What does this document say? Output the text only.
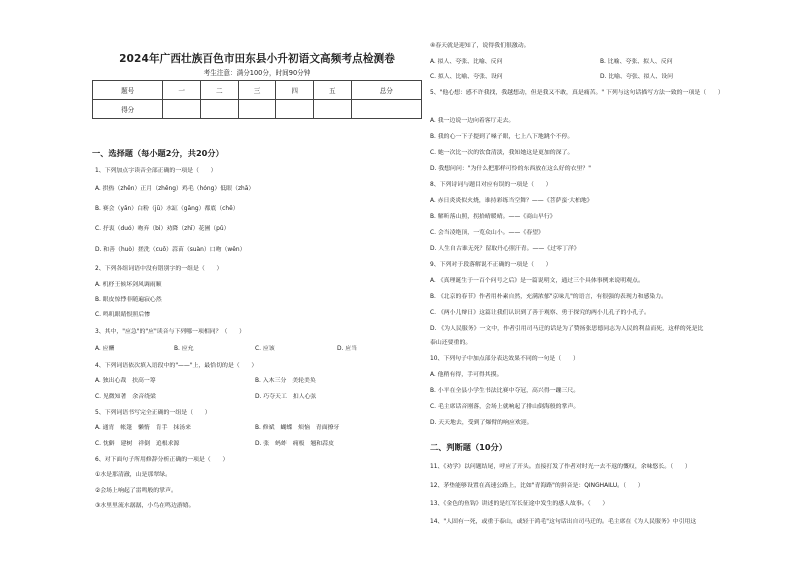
2024年广西壮族百色市田东县小升初语文高频考点检测卷
考生注意：满分100分，时间90分钟
题号	一	二	三	四	五	总分
得分						
一、选择题（每小题2分，共20分）
1、下列加点字读音全部正确的一项是（　　）
A. 拱热（zhēn）正月（zhēng）鸡毛（hóng）低眼（zhā）
B. 赛会（yān）白粉（jū）水缸（gāng）都底（chē）
C. 抒衷（duó）吻弃（bì）劝降（zhī）花圃（pǔ）
D. 和善（huò）搓洗（cuō）蒜苗（suàn）口吻（wěn）
2、下列各组词语中没有错别字的一组是（　　）
A. 机杼王候坏剑风调雨顺
B. 眼皮惊悸非随遍寂心然
C. 鸣叽眼睛恨照后惨
3、其中，"应急"的"应"读音与下列哪一项相同？（　　）
A. 应酬	B. 应允	C. 应该	D. 应当
4、下列词语依次填入语段中的"——"上，最恰切的是（　　）
A. 独出心裁　扶高一筹	B. 入木三分　美轮美奂
C. 见微知著　余音绕梁	D. 巧夺天工　扣人心弦
5、下列词语书写完全正确的一组是（　　）
A. 通宵　帐篷　懒惰　肯手　抹汤来	B. 修斌　蝴蝶　烦恼　青面撩牙
C. 忱僻　建树　祥倒　追根求源	D. 张　蚂蚱　痈板　翘和蒜皮
6、对下面句子所用修辞分析正确的一项是（　　）
①水是那清澈，山是那翠绿。
②会场上响起了雷鸣般的掌声。
③水里里流水潺潺，小鸟在鸣边游嬉。
④春天就是迎知了，说得我们很激动。
A. 拟人、夸张、比喻、反问	B. 比喻、夸张、拟人、反问
C. 拟人、比喻、夸张、设问	D. 比喻、夸张、拟人、设问
5、"他心想：感不许我找，我越想动，但是我又不敢，真是痛苦。" 下列与这句话描写方法一致的一项是（　　）
A. 我一边说一边向着客厅走去。
B. 我的心一下子提到了嗓子眼，七上八下地跳个不停。
C. 她一次比一次的饮食清淡，我知她这是更加的深了。
D. 我想问问："为什么把那样可怜的东西放在这么好的衣里？"
8、下列诗词与题目对应有误的一项是（　　）
A. 赤日炎炎似火烧，谁持彩练当空舞？——《菩萨蛮·大柏地》
B. 解昕落山照，拐拾晴暖晴。——《商山早行》
C. 会当凌绝顶，一览众山小。——《春望》
D. 人生自古谁无死？留取丹心照汗青。——《过零丁洋》
9、下列对于段落解说不正确的一项是（　　）
A. 《真理诞生于一百个问号之后》是一篇说明文，通过三个具体事例来说明观点。
B. 《北京的春节》作者用朴素自然，充满浓郁"京味儿"的语言，有很强的表现力和感染力。
C. 《两小儿辩日》这篇让我们认识到了善于观察、勇于探究的两小儿孔子的小孔子。
D. 《为人民服务》一文中，作者引用司马迁的话是为了赞扬张思德同志为人民的利益而死，这样的死是比
泰山还要重的。
10、下列句子中加点部分表达效果不同的一句是（　　）
A. 他稍有得，手可得其摸。
B. 小平在全县小学生书法比赛中夺冠，高兴得一蹦三尺。
C. 毛主席话音刚落，会场上就响起了排山倒海般的掌声。
D. 天天地去，受到了爆臂的响应欢迎。
二、判断题（10分）
11、《劝学》以问题结尾，呼应了开头。直接打发了作者对时光一去不返的慨叹，余味悠长。（　　）
12、茅垫能够设置在高速公路上，比如"青海路"的拼音是：QINGHAILU。（　　）
13、《金色的鱼钩》讲述的是红军长征途中发生的感人故事。（　　）
14、"人固有一死，或重于泰山，或轻于鸿毛"这句话出自司马迁的。毛主席在《为人民服务》中引用这
